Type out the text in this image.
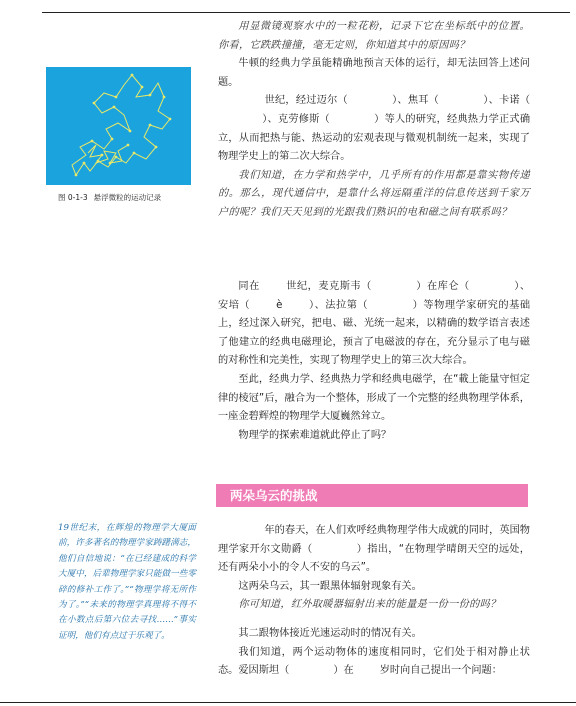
图 0-1-3 悬浮微粒的运动记录

用显微镜观察水中的一粒花粉，记录下它在坐标纸中的位置。你看，它跌跌撞撞，毫无定则，你知道其中的原因吗？

牛顿的经典力学虽能精确地预言天体的运行，却无法回答上述问题。

世纪，经过迈尔（	）、焦耳（	）、卡诺（）、克劳修斯（	）等人的研究，经典热力学正式确立，从而把热与能、热运动的宏观表现与微观机制统一起来，实现了物理学史上的第二次大综合。

我们知道，在力学和热学中，几乎所有的作用都是靠实物传递的。那么，现代通信中，是靠什么将远隔重洋的信息传送到千家万户的呢？我们天天见到的光跟我们熟识的电和磁之间有联系吗？

同在	世纪，麦克斯韦（	）在库仑（	）、安培（	è	）、法拉第（	）等物理学家研究的基础上，经过深入研究，把电、磁、光统一起来，以精确的数学语言表述了他建立的经典电磁理论，预言了电磁波的存在，充分显示了电与磁的对称性和完美性，实现了物理学史上的第三次大综合。

至此，经典力学、经典热力学和经典电磁学，在“載上能量守恒定律的棱冠”后，融合为一个整体，形成了一个完整的经典物理学体系，一座金碧辉煌的物理学大厦巍然耸立。

物理学的探索难道就此停止了吗？

两朵乌云的挑战
19世纪末，在辉煌的物理学大厦面前，许多著名的物理学家踌躇满志，他们自信地说：“在已经建成的科学大厦中，后辈物理学家只能做一些零碎的修补工作了。”“物理学将无所作为了。”“未来的物理学真理将不得不在小数点后第六位去寻找……”事实证明，他们有点过于乐观了。

年的春天，在人们欢呼经典物理学伟大成就的同时，英国物理学家开尔文勋爵（	）指出，“在物理学晴朗天空的远处，还有两朵小小的令人不安的乌云”。

这两朵乌云，其一跟黑体辐射现象有关。

你可知道，红外取暖器辐射出来的能量是一份一份的吗？

其二跟物体接近光速运动时的情况有关。

我们知道，两个运动物体的速度相同时，它们处于相对静止状态。爱因斯坦（	）在	岁时向自己提出一个问题：
